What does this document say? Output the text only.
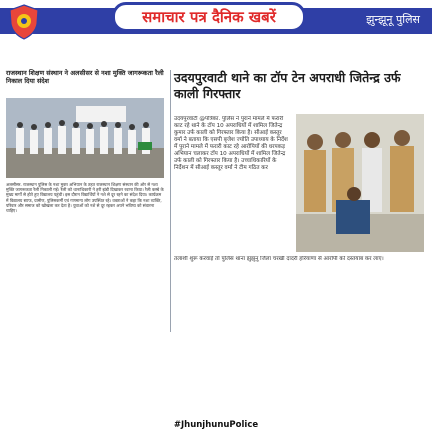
समाचार पत्र दैनिक खबरें	झुन्झूनू पुलिस
राजस्थान शिक्षण संस्थान ने अलसीसर से नशा मुक्ति जागरूकता रैली निकाल दिया संदेश
अलसीसर. राजस्थान पुलिस के नशा मुक्त अभियान के तहत राजस्थान शिक्षण संस्थान की ओर से नशा मुक्ति जागरूकता रैली निकाली गई। रैली को थानाधिकारी ने हरी झंडी दिखाकर रवाना किया। रैली कस्बे के मुख्य मार्गों से होते हुए विद्यालय पहुंची। इस दौरान विद्यार्थियों ने नशे से दूर रहने का संदेश दिया। कार्यक्रम में विद्यालय स्टाफ, ग्रामीण, पुलिसकर्मी एवं गणमान्य लोग उपस्थित रहे। वक्ताओं ने कहा कि नशा व्यक्ति, परिवार और समाज को खोखला कर देता है। युवाओं को नशे से दूर रहकर अपने भविष्य को संवारना चाहिए।
उदयपुरवाटी थाने का टॉप टेन अपराधी जितेन्द्र उर्फ काली गिरफ्तार
उदयपुरवाटी @पत्रिका. पुलिस ने पुराने मामले में फरारी काट रहे थाने के टॉप 10 अपराधियों में शामिल जितेन्द्र कुमार उर्फ काली को गिरफ्तार किया है। सीआई कस्तूर वर्मा ने बताया कि एसपी बृजेश ज्योति उपाध्याय के निर्देश में पुराने मामले में फरारी काट रहे आरोपियों की धरपकड़ अभियान चलाकर टॉप 10 अपराधियों में शामिल जितेन्द्र उर्फ काली को गिरफ्तार किया है। उच्चाधिकारियों के निर्देशन में सीआई कस्तूर वर्मा ने टीम गठित कर
तलाशी शुरू करवाई तो पुलिस थाना झुंझुनूं जिला चरखी दादरी हरियाणा से आरोपी को दस्तयाब कर लाए।
#JhunjhunuPolice
